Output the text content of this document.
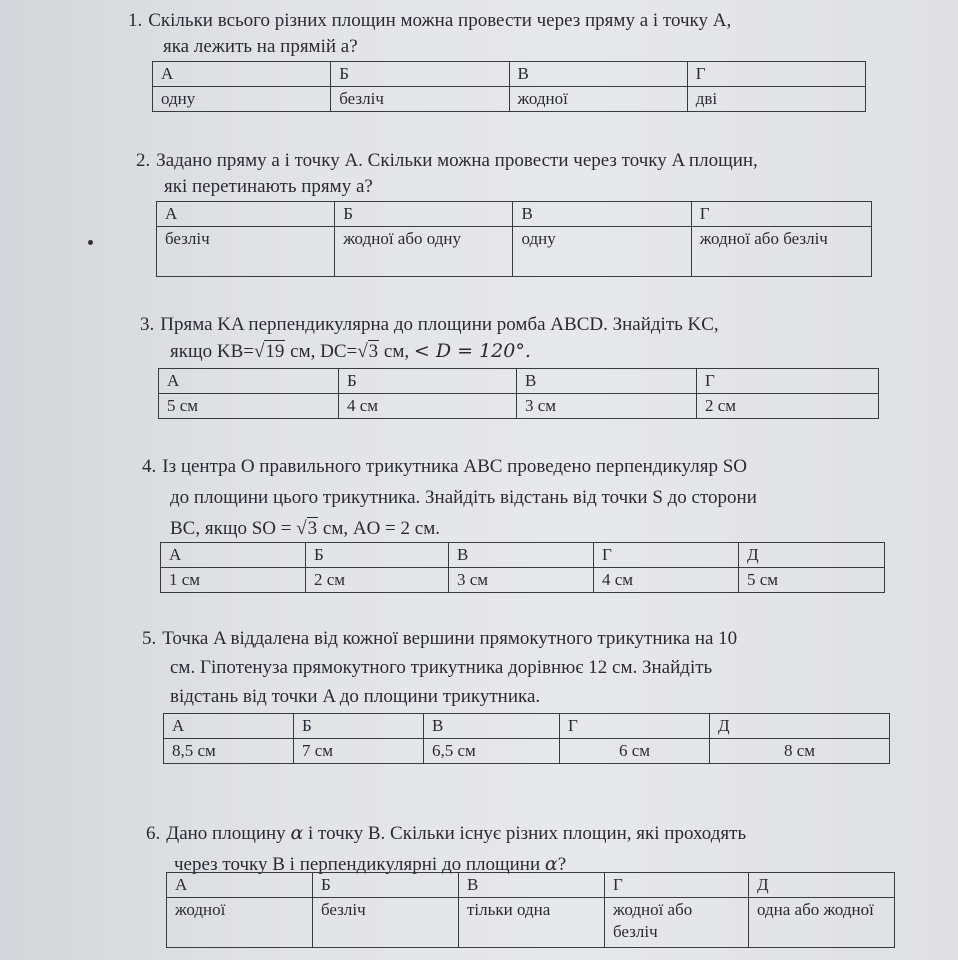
1. Скільки всього різних площин можна провести через пряму a і точку A,
яка лежить на прямій a?
А	Б	В	Г
одну	безліч	жодної	дві
2. Задано пряму a і точку A. Скільки можна провести через точку A площин,
які перетинають пряму a?
А	Б	В	Г
безліч	жодної або одну	одну	жодної або безліч
3. Пряма KA перпендикулярна до площини ромба ABCD. Знайдіть KC,
якщо KB=√19 см, DC=√3 см, < D = 120°.
А	Б	В	Г
5 см	4 см	3 см	2 см
4. Із центра O правильного трикутника ABC проведено перпендикуляр SO
до площини цього трикутника. Знайдіть відстань від точки S до сторони
BC, якщо SO = √3 см, AO = 2 см.
А	Б	В	Г	Д
1 см	2 см	3 см	4 см	5 см
5. Точка A віддалена від кожної вершини прямокутного трикутника на 10
см. Гіпотенуза прямокутного трикутника дорівнює 12 см. Знайдіть
відстань від точки A до площини трикутника.
А	Б	В	Г	Д
8,5 см	7 см	6,5 см	6 см	8 см
6. Дано площину α і точку B. Скільки існує різних площин, які проходять
через точку B і перпендикулярні до площини α?
А	Б	В	Г	Д
жодної	безліч	тільки одна	жодної або безліч	одна або жодної
